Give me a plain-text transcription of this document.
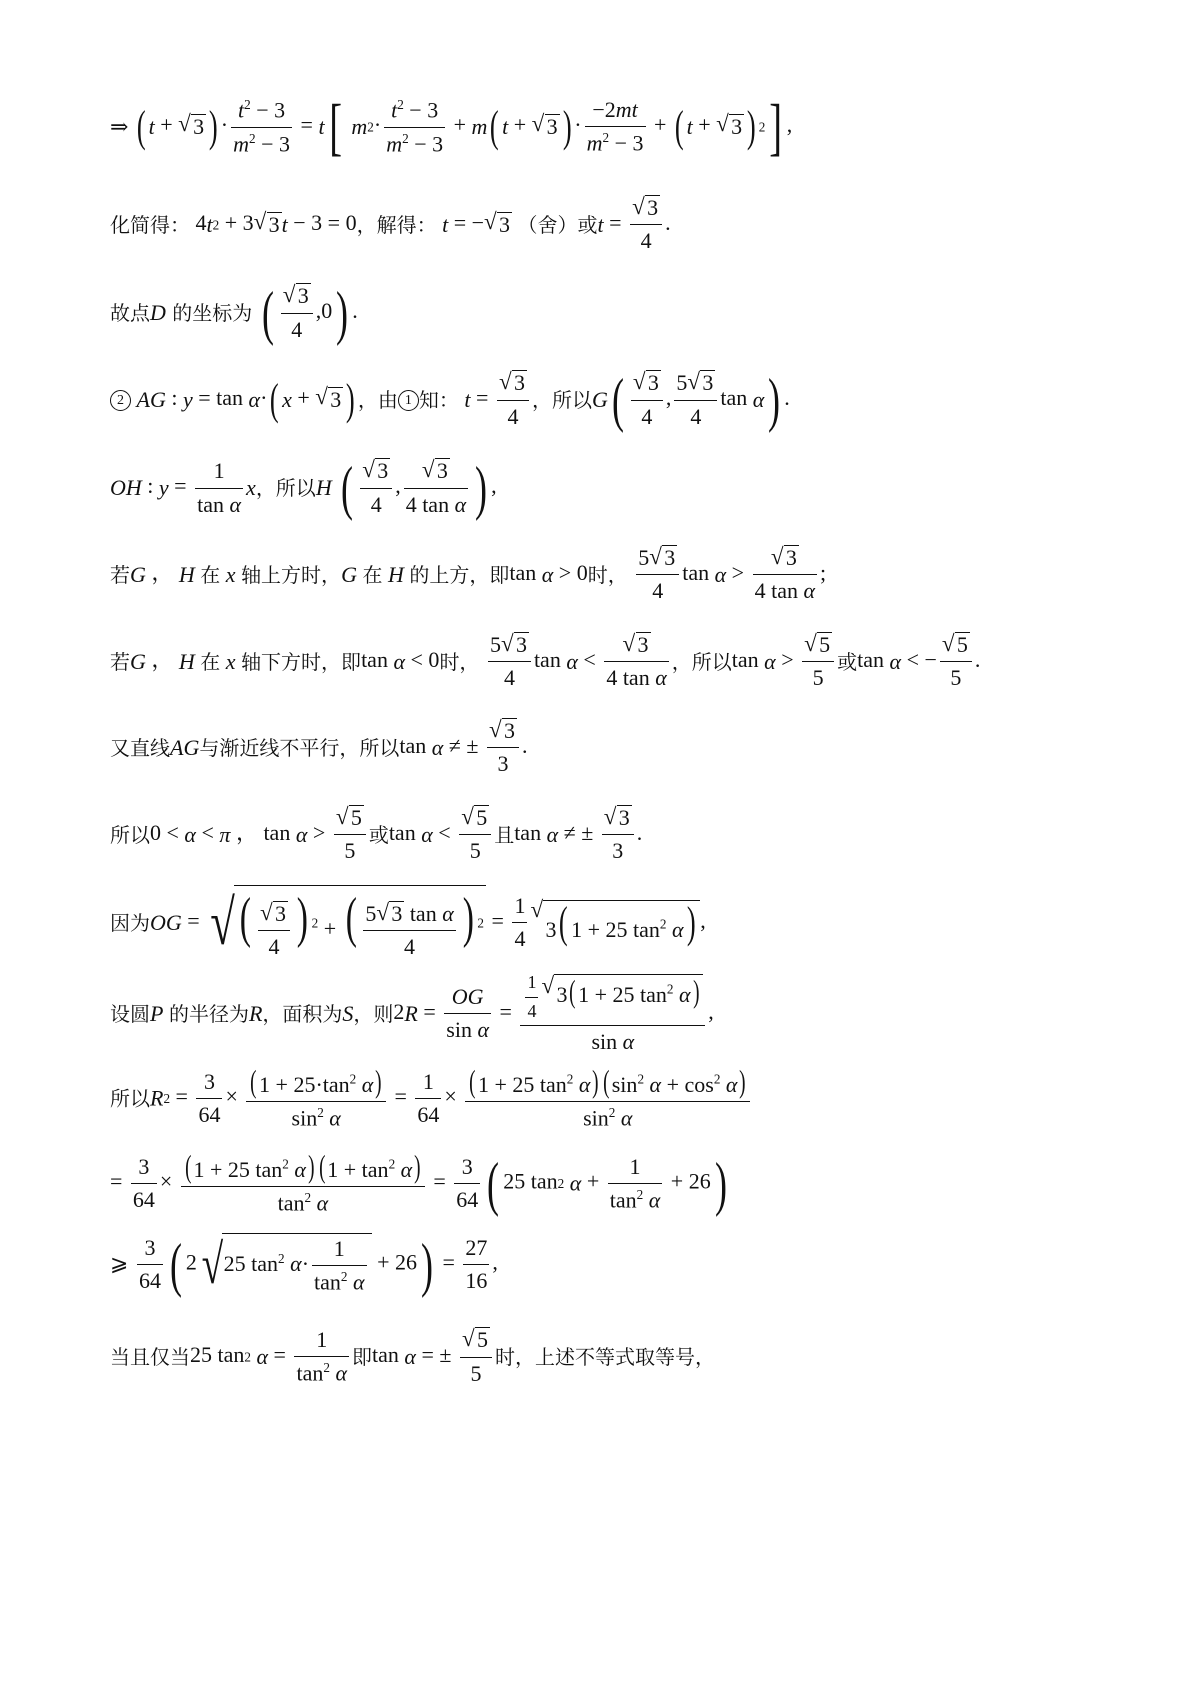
⇒ ( t + √ 3 ) · $\frac{t^2 - 3}{m^2 - 3} = t$[ $m2\cdot \frac{t^2 - 3}{m^2 - 3} + m$( t + √ 3 ) · $\frac{-2mt}{m^2 - 3}$ + ( t + √ 3 ) 2] ,
化简得： 4t2 + 3√ 3t − 3 = 0，解得： t = −√ 3 （舍）或t =
√ $\frac{3}{4}$ .
故点D 的坐标为 (
√ $\frac{3}{4} ,0$) .
2 AG : y = tan α·( x + √ 3 ) ，由 1 知： t =
√ $\frac{3}{4}$ ，所以G(
√ $\frac{3}{4}$ , $\frac{5√ 3}{4}$ tan α) .
OH : $y = \frac{1}{\text{tan α}}$ x，所以H (
√ $\frac{3}{4}$ ,
√ $\frac{3}{\text{4 tan α}}$ ) ,
若G ， H 在 x 轴上方时，G 在 H 的上方，即tan α > 0时， $\frac{5√ 3}{4}$ tan α >
√ $\frac{3}{\text{4 tan α}}$ ;
若G ， H 在 x 轴下方时，即tan α < 0时， $\frac{5√ 3}{4}$ tan α <
√ $\frac{3}{\text{4 tan α}}$ ，所以tan α >
√ $\frac{5}{5}$ 或tan α < −
√ $\frac{5}{5}$ .
又直线AG与渐近线不平行，所以tan α ≠ ±
√ $\frac{3}{3}$ .
所以0 < α < π ， tan α >
√ $\frac{5}{5}$ 或tan α <
√ $\frac{5}{5}$ 且tan α ≠ ±
√ $\frac{3}{3}$ .
因为OG = √(
√ $\frac{3}{4}$ ) $^2$ + ( $\frac{\text{5√ 3 tan α}}{4}$ ) $^2 = \frac{1}{4}$
√ 3( 1 + 25 $\tan^2 \alpha$) ,
设圆P 的半径为R，面积为S，则$2R = \frac{OG}{\text{sin α}} = \frac{1}{4}$
√ 3(1 + 25 $\tan^2 \alpha$)
sin α ,
所以$R2 = \frac{3}{64} \times \frac{(1 + 25\cdot\tan^2 \alpha)}{\sin^2 \alpha} = \frac{1}{64} \times \frac{(1 + 25 \tan^2 \alpha) (\sin^2 \alpha + \cos^2 \alpha)}{\sin^2 \alpha}$
= $\frac{3}{64} \times \frac{(1 + 25 \tan^2 \alpha) (1 + \tan^2 \alpha)}{\tan^2 \alpha} = \frac{3}{64}$ ( 25 tan2 $\alpha + \frac{1}{\tan^2 \alpha} + 26$)
⩾ $\frac{3}{64}$ ( 2√25 $\tan^2 \alpha\cdot \frac{1}{\tan^2 \alpha} + 26) = \frac{27}{16}$ ,
当且仅当25 tan2 $\alpha = \frac{1}{\tan^2 \alpha}$ 即tan α = ±
√ $\frac{5}{5}$ 时，上述不等式取等号，
